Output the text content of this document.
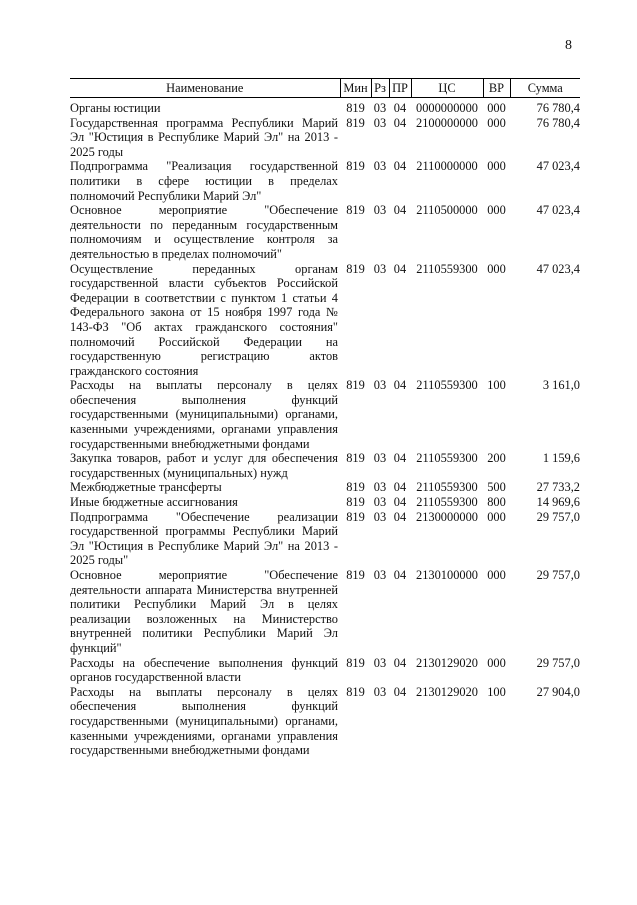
8
Наименование	Мин	Рз	ПР	ЦС	ВР	Сумма
Органы юстиции	819	03	04	0000000000	000	76 780,4
Государственная программа Республики Марий Эл "Юстиция в Республике Марий Эл" на 2013 - 2025 годы	819	03	04	2100000000	000	76 780,4
Подпрограмма "Реализация государственной политики в сфере юстиции в пределах полномочий Республики Марий Эл"	819	03	04	2110000000	000	47 023,4
Основное мероприятие "Обеспечение деятельности по переданным государственным полномочиям и осуществление контроля за деятельностью в пределах полномочий"	819	03	04	2110500000	000	47 023,4
Осуществление переданных органам государственной власти субъектов Российской Федерации в соответствии с пунктом 1 статьи 4 Федерального закона от 15 ноября 1997 года № 143-ФЗ "Об актах гражданского состояния" полномочий Российской Федерации на государственную регистрацию актов гражданского состояния	819	03	04	2110559300	000	47 023,4
Расходы на выплаты персоналу в целях обеспечения выполнения функций государственными (муниципальными) органами, казенными учреждениями, органами управления государственными внебюджетными фондами	819	03	04	2110559300	100	3 161,0
Закупка товаров, работ и услуг для обеспечения государственных (муниципальных) нужд	819	03	04	2110559300	200	1 159,6
Межбюджетные трансферты	819	03	04	2110559300	500	27 733,2
Иные бюджетные ассигнования	819	03	04	2110559300	800	14 969,6
Подпрограмма "Обеспечение реализации государственной программы Республики Марий Эл "Юстиция в Республике Марий Эл" на 2013 - 2025 годы"	819	03	04	2130000000	000	29 757,0
Основное мероприятие "Обеспечение деятельности аппарата Министерства внутренней политики Республики Марий Эл в целях реализации возложенных на Министерство внутренней политики Республики Марий Эл функций"	819	03	04	2130100000	000	29 757,0
Расходы на обеспечение выполнения функций органов государственной власти	819	03	04	2130129020	000	29 757,0
Расходы на выплаты персоналу в целях обеспечения выполнения функций государственными (муниципальными) органами, казенными учреждениями, органами управления государственными внебюджетными фондами	819	03	04	2130129020	100	27 904,0
